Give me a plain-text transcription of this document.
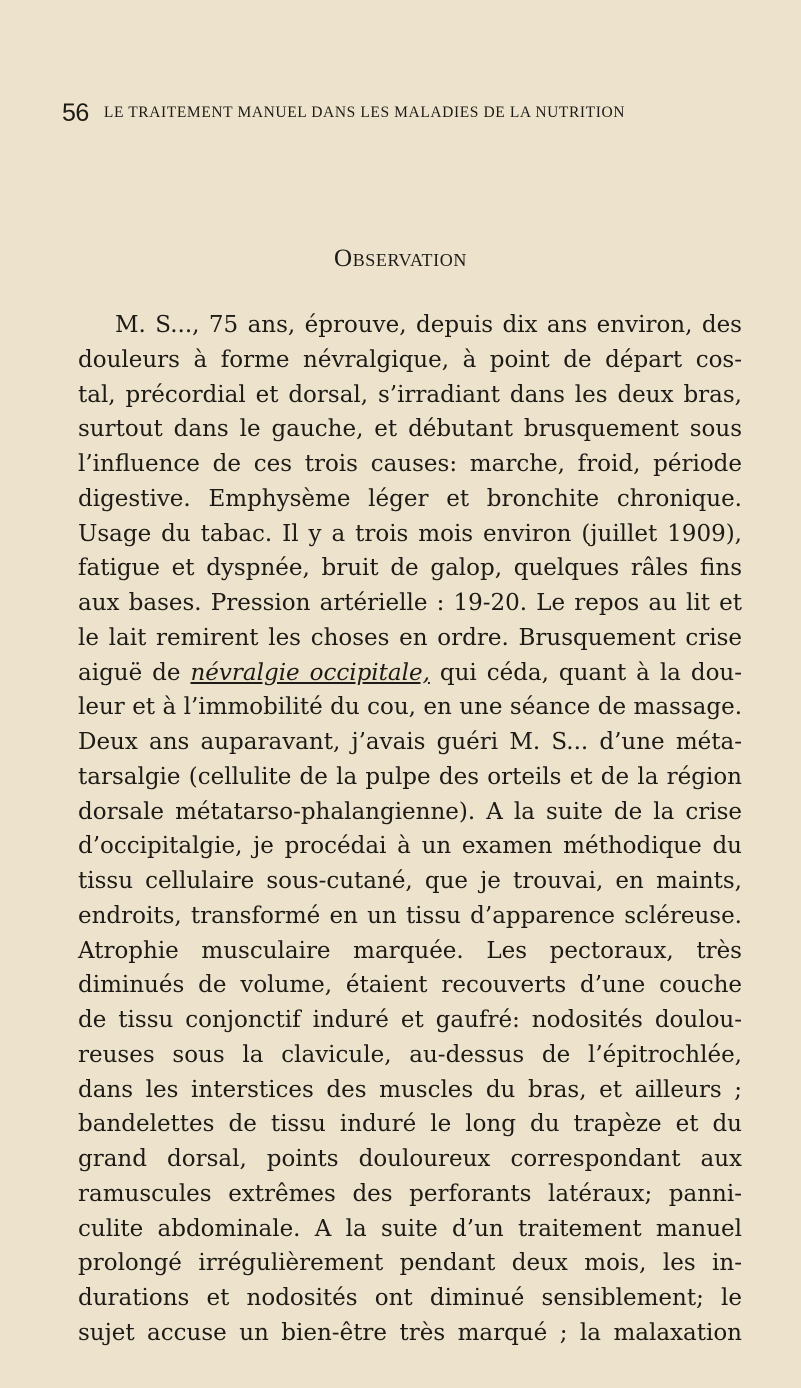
56 LE TRAITEMENT MANUEL DANS LES MALADIES DE LA NUTRITION
Observation
M. S..., 75 ans, éprouve, depuis dix ans environ, des
douleurs à forme névralgique, à point de départ cos-
tal, précordial et dorsal, s’irradiant dans les deux bras,
surtout dans le gauche, et débutant brusquement sous
l’influence de ces trois causes: marche, froid, période
digestive. Emphysème léger et bronchite chronique.
Usage du tabac. Il y a trois mois environ (juillet 1909),
fatigue et dyspnée, bruit de galop, quelques râles fins
aux bases. Pression artérielle : 19-20. Le repos au lit et
le lait remirent les choses en ordre. Brusquement crise
aiguë de névralgie occipitale, qui céda, quant à la dou-
leur et à l’immobilité du cou, en une séance de massage.
Deux ans auparavant, j’avais guéri M. S... d’une méta-
tarsalgie (cellulite de la pulpe des orteils et de la région
dorsale métatarso-phalangienne). A la suite de la crise
d’occipitalgie, je procédai à un examen méthodique du
tissu cellulaire sous-cutané, que je trouvai, en maints,
endroits, transformé en un tissu d’apparence scléreuse.
Atrophie musculaire marquée. Les pectoraux, très
diminués de volume, étaient recouverts d’une couche
de tissu conjonctif induré et gaufré: nodosités doulou-
reuses sous la clavicule, au-dessus de l’épitrochlée,
dans les interstices des muscles du bras, et ailleurs ;
bandelettes de tissu induré le long du trapèze et du
grand dorsal, points douloureux correspondant aux
ramuscules extrêmes des perforants latéraux; panni-
culite abdominale. A la suite d’un traitement manuel
prolongé irrégulièrement pendant deux mois, les in-
durations et nodosités ont diminué sensiblement; le
sujet accuse un bien-être très marqué ; la malaxation
